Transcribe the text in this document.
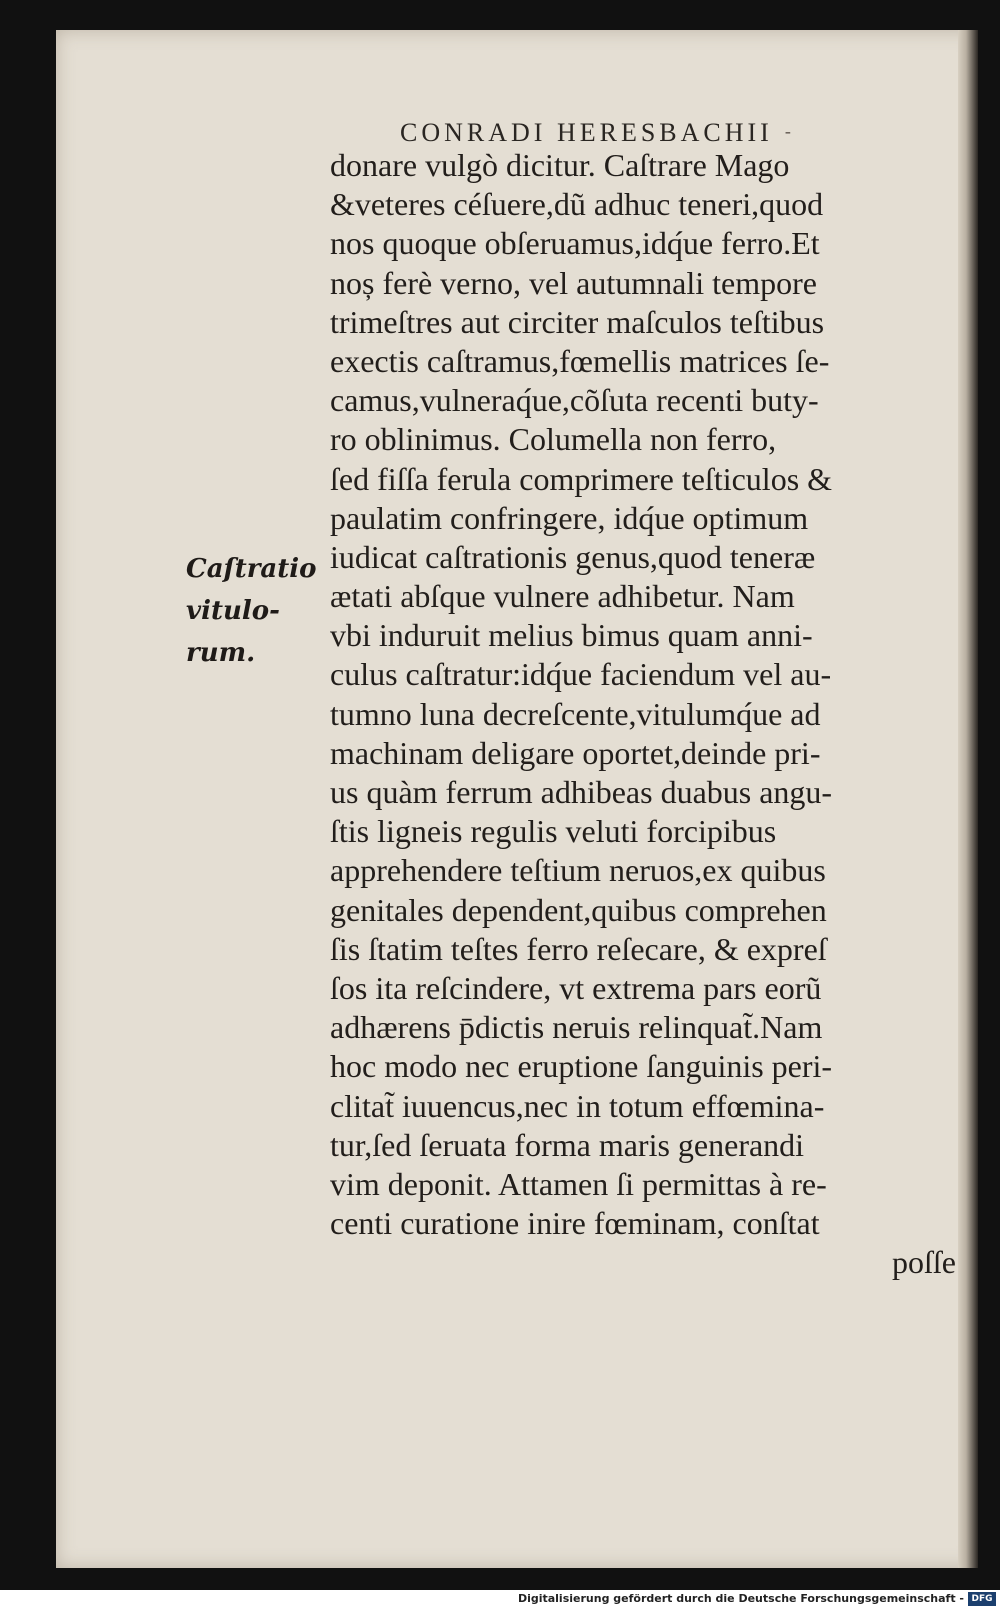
CONRADI HERESBACHII -
Caſtratio
vitulo-
rum.
donare vulgò dicitur. Caſtrare Mago
&veteres céſuere,dũ adhuc teneri,quod
nos quoque obſeruamus,idq́ue ferro.Et
noș ferè verno, vel autumnali tempore
trimeſtres aut circiter maſculos teſtibus
exectis caſtramus,fœmellis matrices ſe-
camus,vulneraq́ue,cõſuta recenti buty-
ro oblinimus. Columella non ferro,
ſed fiſſa ferula comprimere teſticulos &
paulatim confringere, idq́ue optimum
iudicat caſtrationis genus,quod teneræ
ætati abſque vulnere adhibetur. Nam
vbi induruit melius bimus quam anni-
culus caſtratur:idq́ue faciendum vel au-
tumno luna decreſcente,vitulumq́ue ad
machinam deligare oportet,deinde pri-
us quàm ferrum adhibeas duabus angu-
ſtis ligneis regulis veluti forcipibus
apprehendere teſtium neruos,ex quibus
genitales dependent,quibus comprehen
ſis ſtatim teſtes ferro reſecare, & expreſ
ſos ita reſcindere, vt extrema pars eorũ
adhærens p̄dictis neruis relinquat̃.Nam
hoc modo nec eruptione ſanguinis peri-
clitat̃ iuuencus,nec in totum effœmina-
tur,ſed ſeruata forma maris generandi
vim deponit. Attamen ſi permittas à re-
centi curatione inire fœminam, conſtat
poſſe
Digitalisierung gefördert durch die Deutsche Forschungsgemeinschaft - DFG
